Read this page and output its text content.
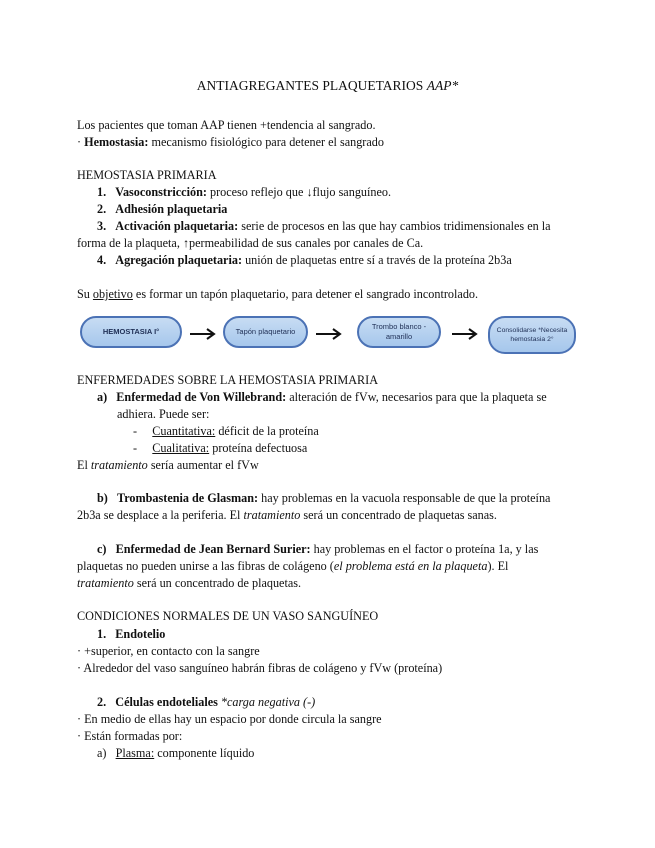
ANTIAGREGANTES PLAQUETARIOS AAP*
Los pacientes que toman AAP tienen +tendencia al sangrado.
· Hemostasia: mecanismo fisiológico para detener el sangrado
HEMOSTASIA PRIMARIA
1. Vasoconstricción: proceso reflejo que ↓flujo sanguíneo.
2. Adhesión plaquetaria
3. Activación plaquetaria: serie de procesos en las que hay cambios tridimensionales en la
forma de la plaqueta, ↑permeabilidad de sus canales por canales de Ca.
4. Agregación plaquetaria: unión de plaquetas entre sí a través de la proteína 2b3a
Su objetivo es formar un tapón plaquetario, para detener el sangrado incontrolado.
HEMOSTASIA I°	Tapón plaquetario
Trombo blanco - amarillo
Consolidarse *Necesita hemostasia 2°
ENFERMEDADES SOBRE LA HEMOSTASIA PRIMARIA
a) Enfermedad de Von Willebrand: alteración de fVw, necesarios para que la plaqueta se
adhiera. Puede ser:
- Cuantitativa: déficit de la proteína
- Cualitativa: proteína defectuosa
El tratamiento sería aumentar el fVw
b) Trombastenia de Glasman: hay problemas en la vacuola responsable de que la proteína
2b3a se desplace a la periferia. El tratamiento será un concentrado de plaquetas sanas.
c) Enfermedad de Jean Bernard Surier: hay problemas en el factor o proteína 1a, y las
plaquetas no pueden unirse a las fibras de colágeno (el problema está en la plaqueta). El
tratamiento será un concentrado de plaquetas.
CONDICIONES NORMALES DE UN VASO SANGUÍNEO
1. Endotelio
· +superior, en contacto con la sangre
· Alrededor del vaso sanguíneo habrán fibras de colágeno y fVw (proteína)
2. Células endoteliales *carga negativa (-)
· En medio de ellas hay un espacio por donde circula la sangre
· Están formadas por:
a) Plasma: componente líquido
